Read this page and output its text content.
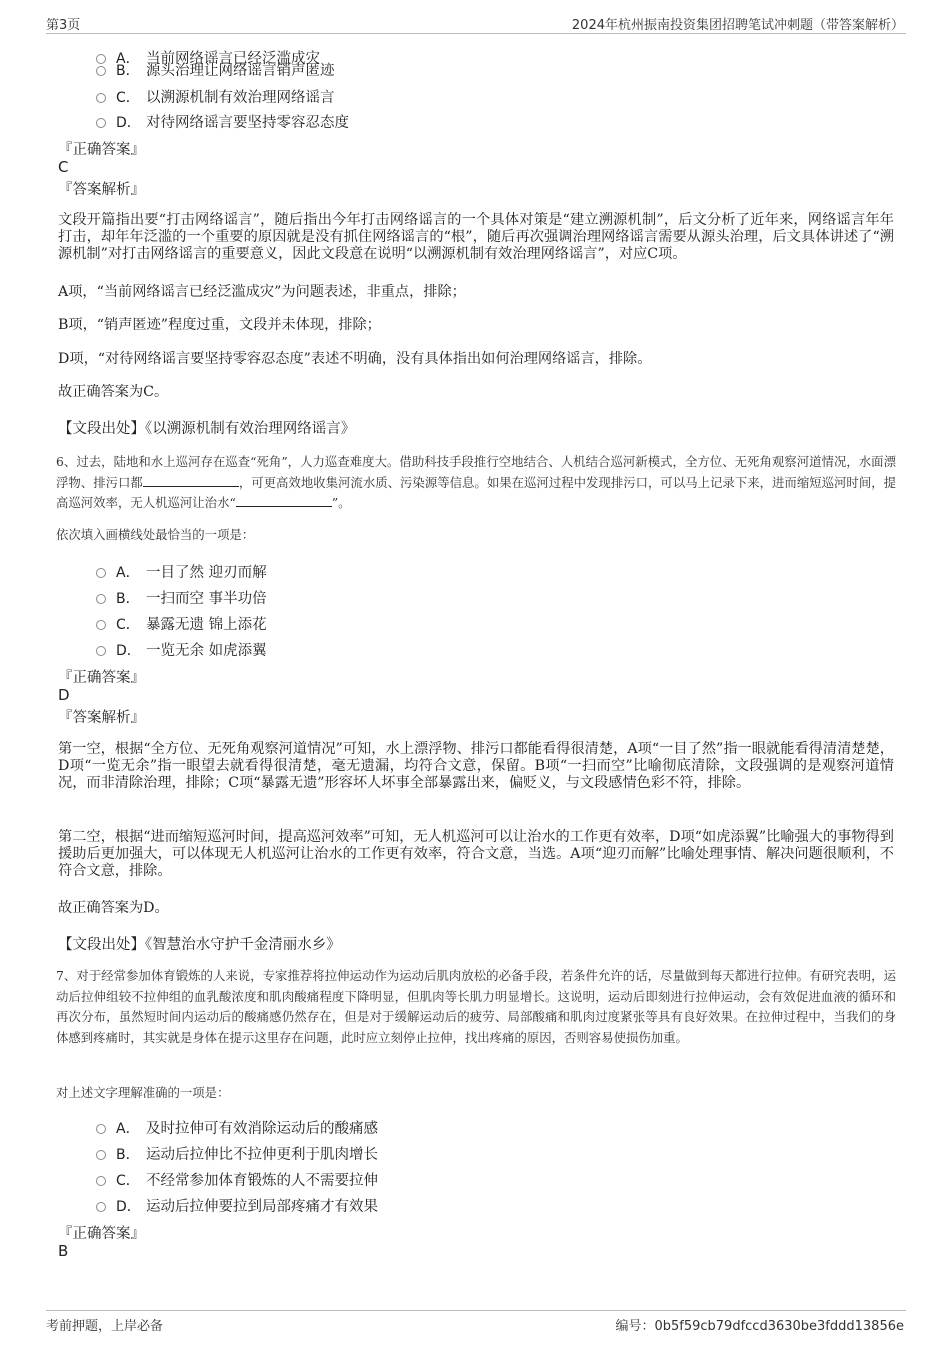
第3页	2024年杭州振南投资集团招聘笔试冲刺题（带答案解析）
A． 当前网络谣言已经泛滥成灾
B． 源头治理让网络谣言销声匿迹
C． 以溯源机制有效治理网络谣言
D． 对待网络谣言要坚持零容忍态度
『正确答案』
C
『答案解析』
文段开篇指出要“打击网络谣言”，随后指出今年打击网络谣言的一个具体对策是“建立溯源机制”，后文分析了近年来，网络谣言年年打击，却年年泛滥的一个重要的原因就是没有抓住网络谣言的“根”，随后再次强调治理网络谣言需要从源头治理，后文具体讲述了“溯源机制”对打击网络谣言的重要意义，因此文段意在说明“以溯源机制有效治理网络谣言”，对应C项。
A项，“当前网络谣言已经泛滥成灾”为问题表述，非重点，排除；
B项，“销声匿迹”程度过重，文段并未体现，排除；
D项，“对待网络谣言要坚持零容忍态度”表述不明确，没有具体指出如何治理网络谣言，排除。
故正确答案为C。
【文段出处】《以溯源机制有效治理网络谣言》
6、过去，陆地和水上巡河存在巡查“死角”，人力巡查难度大。借助科技手段推行空地结合、人机结合巡河新模式，全方位、无死角观察河道情况，水面漂浮物、排污口都	，可更高效地收集河流水质、污染源等信息。如果在巡河过程中发现排污口，可以马上记录下来，进而缩短巡河时间，提高巡河效率，无人机巡河让治水“	”。
依次填入画横线处最恰当的一项是：
A． 一目了然 迎刃而解
B． 一扫而空 事半功倍
C． 暴露无遗 锦上添花
D． 一览无余 如虎添翼
『正确答案』
D
『答案解析』
第一空，根据“全方位、无死角观察河道情况”可知，水上漂浮物、排污口都能看得很清楚，A项“一目了然”指一眼就能看得清清楚楚，D项“一览无余”指一眼望去就看得很清楚，毫无遗漏，均符合文意，保留。B项“一扫而空”比喻彻底清除，文段强调的是观察河道情况，而非清除治理，排除；C项“暴露无遗”形容坏人坏事全部暴露出来，偏贬义，与文段感情色彩不符，排除。
第二空，根据“进而缩短巡河时间，提高巡河效率”可知，无人机巡河可以让治水的工作更有效率，D项“如虎添翼”比喻强大的事物得到援助后更加强大，可以体现无人机巡河让治水的工作更有效率，符合文意，当选。A项“迎刃而解”比喻处理事情、解决问题很顺利，不符合文意，排除。
故正确答案为D。
【文段出处】《智慧治水守护千金清丽水乡》
7、对于经常参加体育锻炼的人来说，专家推荐将拉伸运动作为运动后肌肉放松的必备手段，若条件允许的话，尽量做到每天都进行拉伸。有研究表明，运动后拉伸组较不拉伸组的血乳酸浓度和肌肉酸痛程度下降明显，但肌肉等长肌力明显增长。这说明，运动后即刻进行拉伸运动，会有效促进血液的循环和再次分布，虽然短时间内运动后的酸痛感仍然存在，但是对于缓解运动后的疲劳、局部酸痛和肌肉过度紧张等具有良好效果。在拉伸过程中，当我们的身体感到疼痛时，其实就是身体在提示这里存在问题，此时应立刻停止拉伸，找出疼痛的原因，否则容易使损伤加重。
对上述文字理解准确的一项是：
A． 及时拉伸可有效消除运动后的酸痛感
B． 运动后拉伸比不拉伸更利于肌肉增长
C． 不经常参加体育锻炼的人不需要拉伸
D． 运动后拉伸要拉到局部疼痛才有效果
『正确答案』
B
考前押题，上岸必备	编号：0b5f59cb79dfccd3630be3fddd13856e
